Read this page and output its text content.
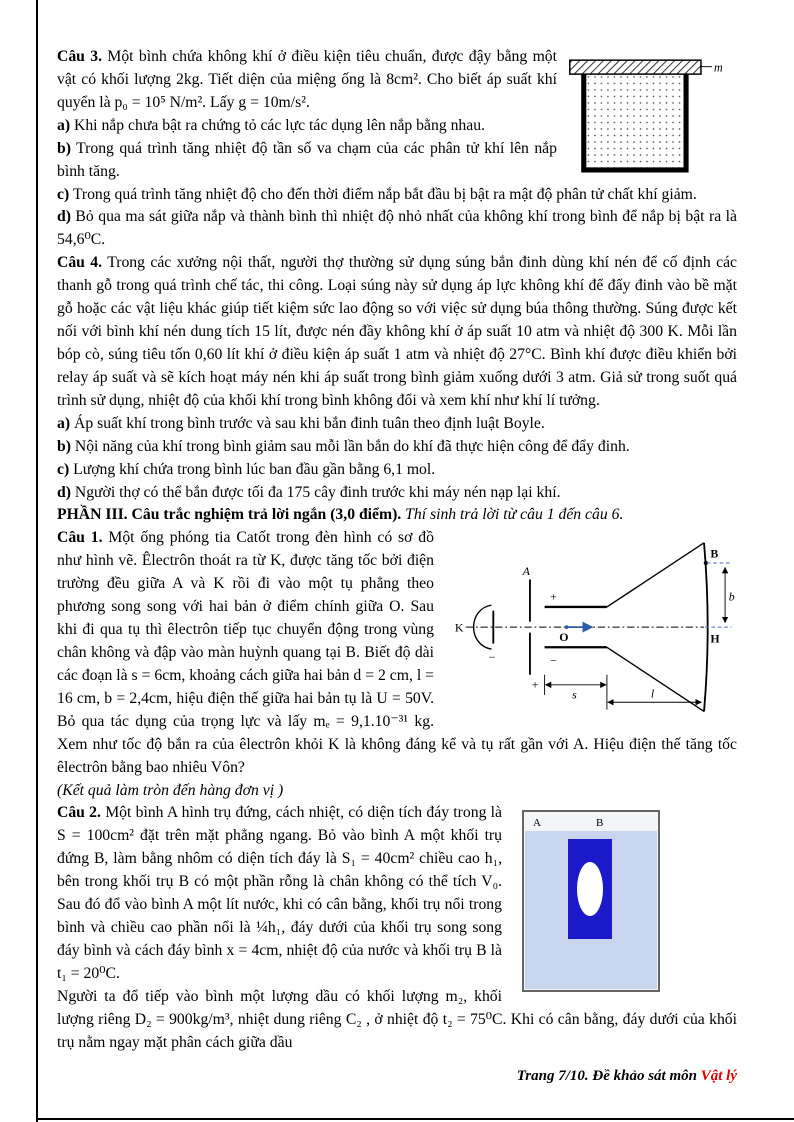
m

Câu 3. Một bình chứa không khí ở điều kiện tiêu chuẩn, được đậy bằng một vật có khối lượng 2kg. Tiết diện của miệng ống là 8cm². Cho biết áp suất khí quyển là p₀ = 10⁵ N/m². Lấy g = 10m/s².

a) Khi nắp chưa bật ra chứng tỏ các lực tác dụng lên nắp bằng nhau.

b) Trong quá trình tăng nhiệt độ tần số va chạm của các phân tử khí lên nắp bình tăng.

c) Trong quá trình tăng nhiệt độ cho đến thời điểm nắp bắt đầu bị bật ra mật độ phân tử chất khí giảm.

d) Bỏ qua ma sát giữa nắp và thành bình thì nhiệt độ nhỏ nhất của không khí trong bình để nắp bị bật ra là 54,6⁰C.

Câu 4. Trong các xưởng nội thất, người thợ thường sử dụng súng bắn đinh dùng khí nén để cố định các thanh gỗ trong quá trình chế tác, thi công. Loại súng này sử dụng áp lực không khí để đẩy đinh vào bề mặt gỗ hoặc các vật liệu khác giúp tiết kiệm sức lao động so với việc sử dụng búa thông thường. Súng được kết nối với bình khí nén dung tích 15 lít, được nén đầy không khí ở áp suất 10 atm và nhiệt độ 300 K. Mỗi lần bóp cò, súng tiêu tốn 0,60 lít khí ở điều kiện áp suất 1 atm và nhiệt độ 27°C. Bình khí được điều khiển bởi relay áp suất và sẽ kích hoạt máy nén khi áp suất trong bình giảm xuống dưới 3 atm. Giả sử trong suốt quá trình sử dụng, nhiệt độ của khối khí trong bình không đổi và xem khí như khí lí tưởng.

a) Áp suất khí trong bình trước và sau khi bắn đinh tuân theo định luật Boyle.

b) Nội năng của khí trong bình giảm sau mỗi lần bắn do khí đã thực hiện công để đẩy đinh.

c) Lượng khí chứa trong bình lúc ban đầu gần bằng 6,1 mol.

d) Người thợ có thể bắn được tối đa 175 cây đinh trước khi máy nén nạp lại khí.

PHẦN III. Câu trắc nghiệm trả lời ngắn (3,0 điểm). Thí sinh trả lời từ câu 1 đến câu 6.

K
−
A
+
+
−
O
B
H
b
s	l

Câu 1. Một ống phóng tia Catốt trong đèn hình có sơ đồ như hình vẽ. Êlectrôn thoát ra từ K, được tăng tốc bởi điện trường đều giữa A và K rồi đi vào một tụ phẳng theo phương song song với hai bản ở điểm chính giữa O. Sau khi đi qua tụ thì êlectrôn tiếp tục chuyển động trong vùng chân không và đập vào màn huỳnh quang tại B. Biết độ dài các đoạn là s = 6cm, khoảng cách giữa hai bản d = 2 cm, l = 16 cm, b = 2,4cm, hiệu điện thế giữa hai bản tụ là U = 50V. Bỏ qua tác dụng của trọng lực và lấy mₑ = 9,1.10⁻³¹ kg. Xem như tốc độ bắn ra của êlectrôn khỏi K là không đáng kể và tụ rất gần với A. Hiệu điện thế tăng tốc êlectrôn bằng bao nhiêu Vôn?

(Kết quả làm tròn đến hàng đơn vị )

A	B

Câu 2. Một bình A hình trụ đứng, cách nhiệt, có diện tích đáy trong là S = 100cm² đặt trên mặt phẳng ngang. Bỏ vào bình A một khối trụ đứng B, làm bằng nhôm có diện tích đáy là S₁ = 40cm² chiều cao h₁, bên trong khối trụ B có một phần rỗng là chân không có thể tích V₀. Sau đó đổ vào bình A một lít nước, khi có cân bằng, khối trụ nổi trong bình và chiều cao phần nổi là ¼h₁, đáy dưới của khối trụ song song đáy bình và cách đáy bình x = 4cm, nhiệt độ của nước và khối trụ B là t₁ = 20⁰C.

Người ta đổ tiếp vào bình một lượng dầu có khối lượng m₂, khối lượng riêng D₂ = 900kg/m³, nhiệt dung riêng C₂ , ở nhiệt độ t₂ = 75⁰C. Khi có cân bằng, đáy dưới của khối trụ nằm ngay mặt phân cách giữa dầu

Trang 7/10. Đề khảo sát môn Vật lý
